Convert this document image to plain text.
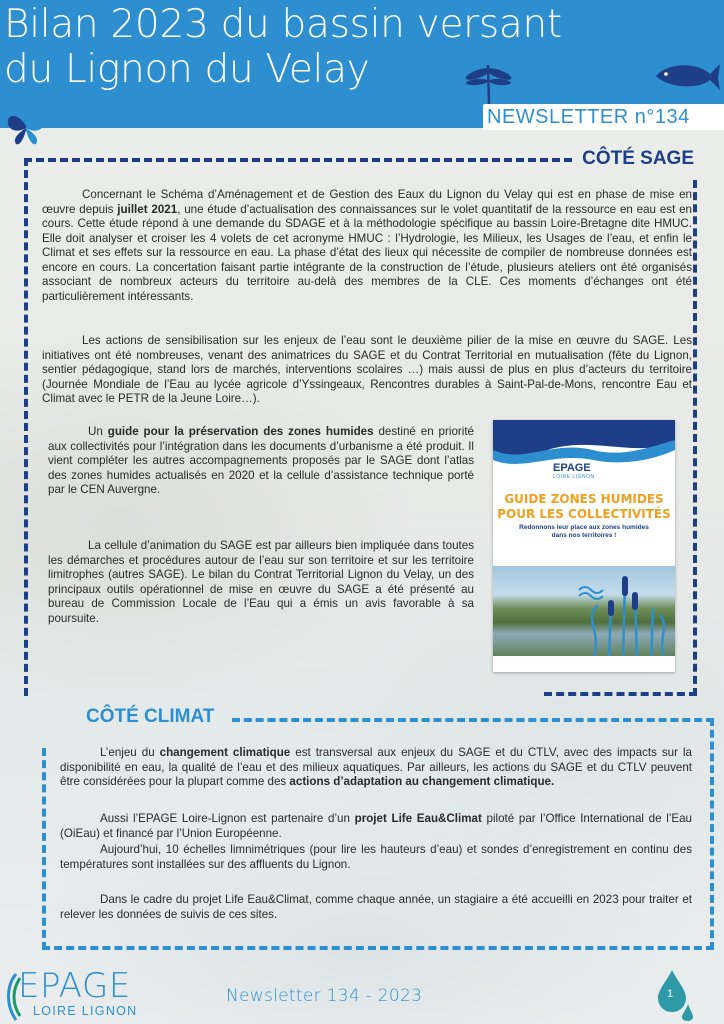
Bilan 2023 du bassin versant
du Lignon du Velay
NEWSLETTER n°134
CÔTÉ SAGE

Concernant le Schéma d’Aménagement et de Gestion des Eaux du Lignon du Velay qui est en phase de mise en œuvre depuis juillet 2021, une étude d’actualisation des connaissances sur le volet quantitatif de la ressource en eau est en cours. Cette étude répond à une demande du SDAGE et à la méthodologie spécifique au bassin Loire-Bretagne dite HMUC. Elle doit analyser et croiser les 4 volets de cet acronyme HMUC : l’Hydrologie, les Milieux, les Usages de l’eau, et enfin le Climat et ses effets sur la ressource en eau. La phase d’état des lieux qui nécessite de compiler de nombreuse données est encore en cours. La concertation faisant partie intégrante de la construction de l’étude, plusieurs ateliers ont été organisés associant de nombreux acteurs du territoire au-delà des membres de la CLE. Ces moments d’échanges ont été particulièrement intéressants.

Les actions de sensibilisation sur les enjeux de l’eau sont le deuxième pilier de la mise en œuvre du SAGE. Les initiatives ont été nombreuses, venant des animatrices du SAGE et du Contrat Territorial en mutualisation (fête du Lignon, sentier pédagogique, stand lors de marchés, interventions scolaires …) mais aussi de plus en plus d’acteurs du territoire (Journée Mondiale de l’Eau au lycée agricole d’Yssingeaux, Rencontres durables à Saint-Pal-de-Mons, rencontre Eau et Climat avec le PETR de la Jeune Loire…).

Un guide pour la préservation des zones humides destiné en priorité aux collectivités pour l’intégration dans les documents d’urbanisme a été produit. Il vient compléter les autres accompagnements proposés par le SAGE dont l’atlas des zones humides actualisés en 2020 et la cellule d’assistance technique porté par le CEN Auvergne.

La cellule d’animation du SAGE est par ailleurs bien impliquée dans toutes les démarches et procédures autour de l’eau sur son territoire et sur les territoire limitrophes (autres SAGE). Le bilan du Contrat Territorial Lignon du Velay, un des principaux outils opérationnel de mise en œuvre du SAGE a été présenté au bureau de Commission Locale de l’Eau qui a émis un avis favorable à sa poursuite.

EPAGE
LOIRE LIGNON
GUIDE ZONES HUMIDES POUR LES COLLECTIVITÉS
Redonnons leur place aux zones humides
dans nos territoires !
CÔTÉ CLIMAT

L’enjeu du changement climatique est transversal aux enjeux du SAGE et du CTLV, avec des impacts sur la disponibilité en eau, la qualité de l’eau et des milieux aquatiques. Par ailleurs, les actions du SAGE et du CTLV peuvent être considérées pour la plupart comme des actions d’adaptation au changement climatique.

Aussi l’EPAGE Loire-Lignon est partenaire d’un projet Life Eau&Climat piloté par l’Office International de l’Eau (OiEau) et financé par l’Union Européenne.

Aujourd’hui, 10 échelles limnimétriques (pour lire les hauteurs d’eau) et sondes d’enregistrement en continu des températures sont installées sur des affluents du Lignon.

Dans le cadre du projet Life Eau&Climat, comme chaque année, un stagiaire a été accueilli en 2023 pour traiter et relever les données de suivis de ces sites.

EPAGE
LOIRE LIGNON
Newsletter 134 - 2023	1
